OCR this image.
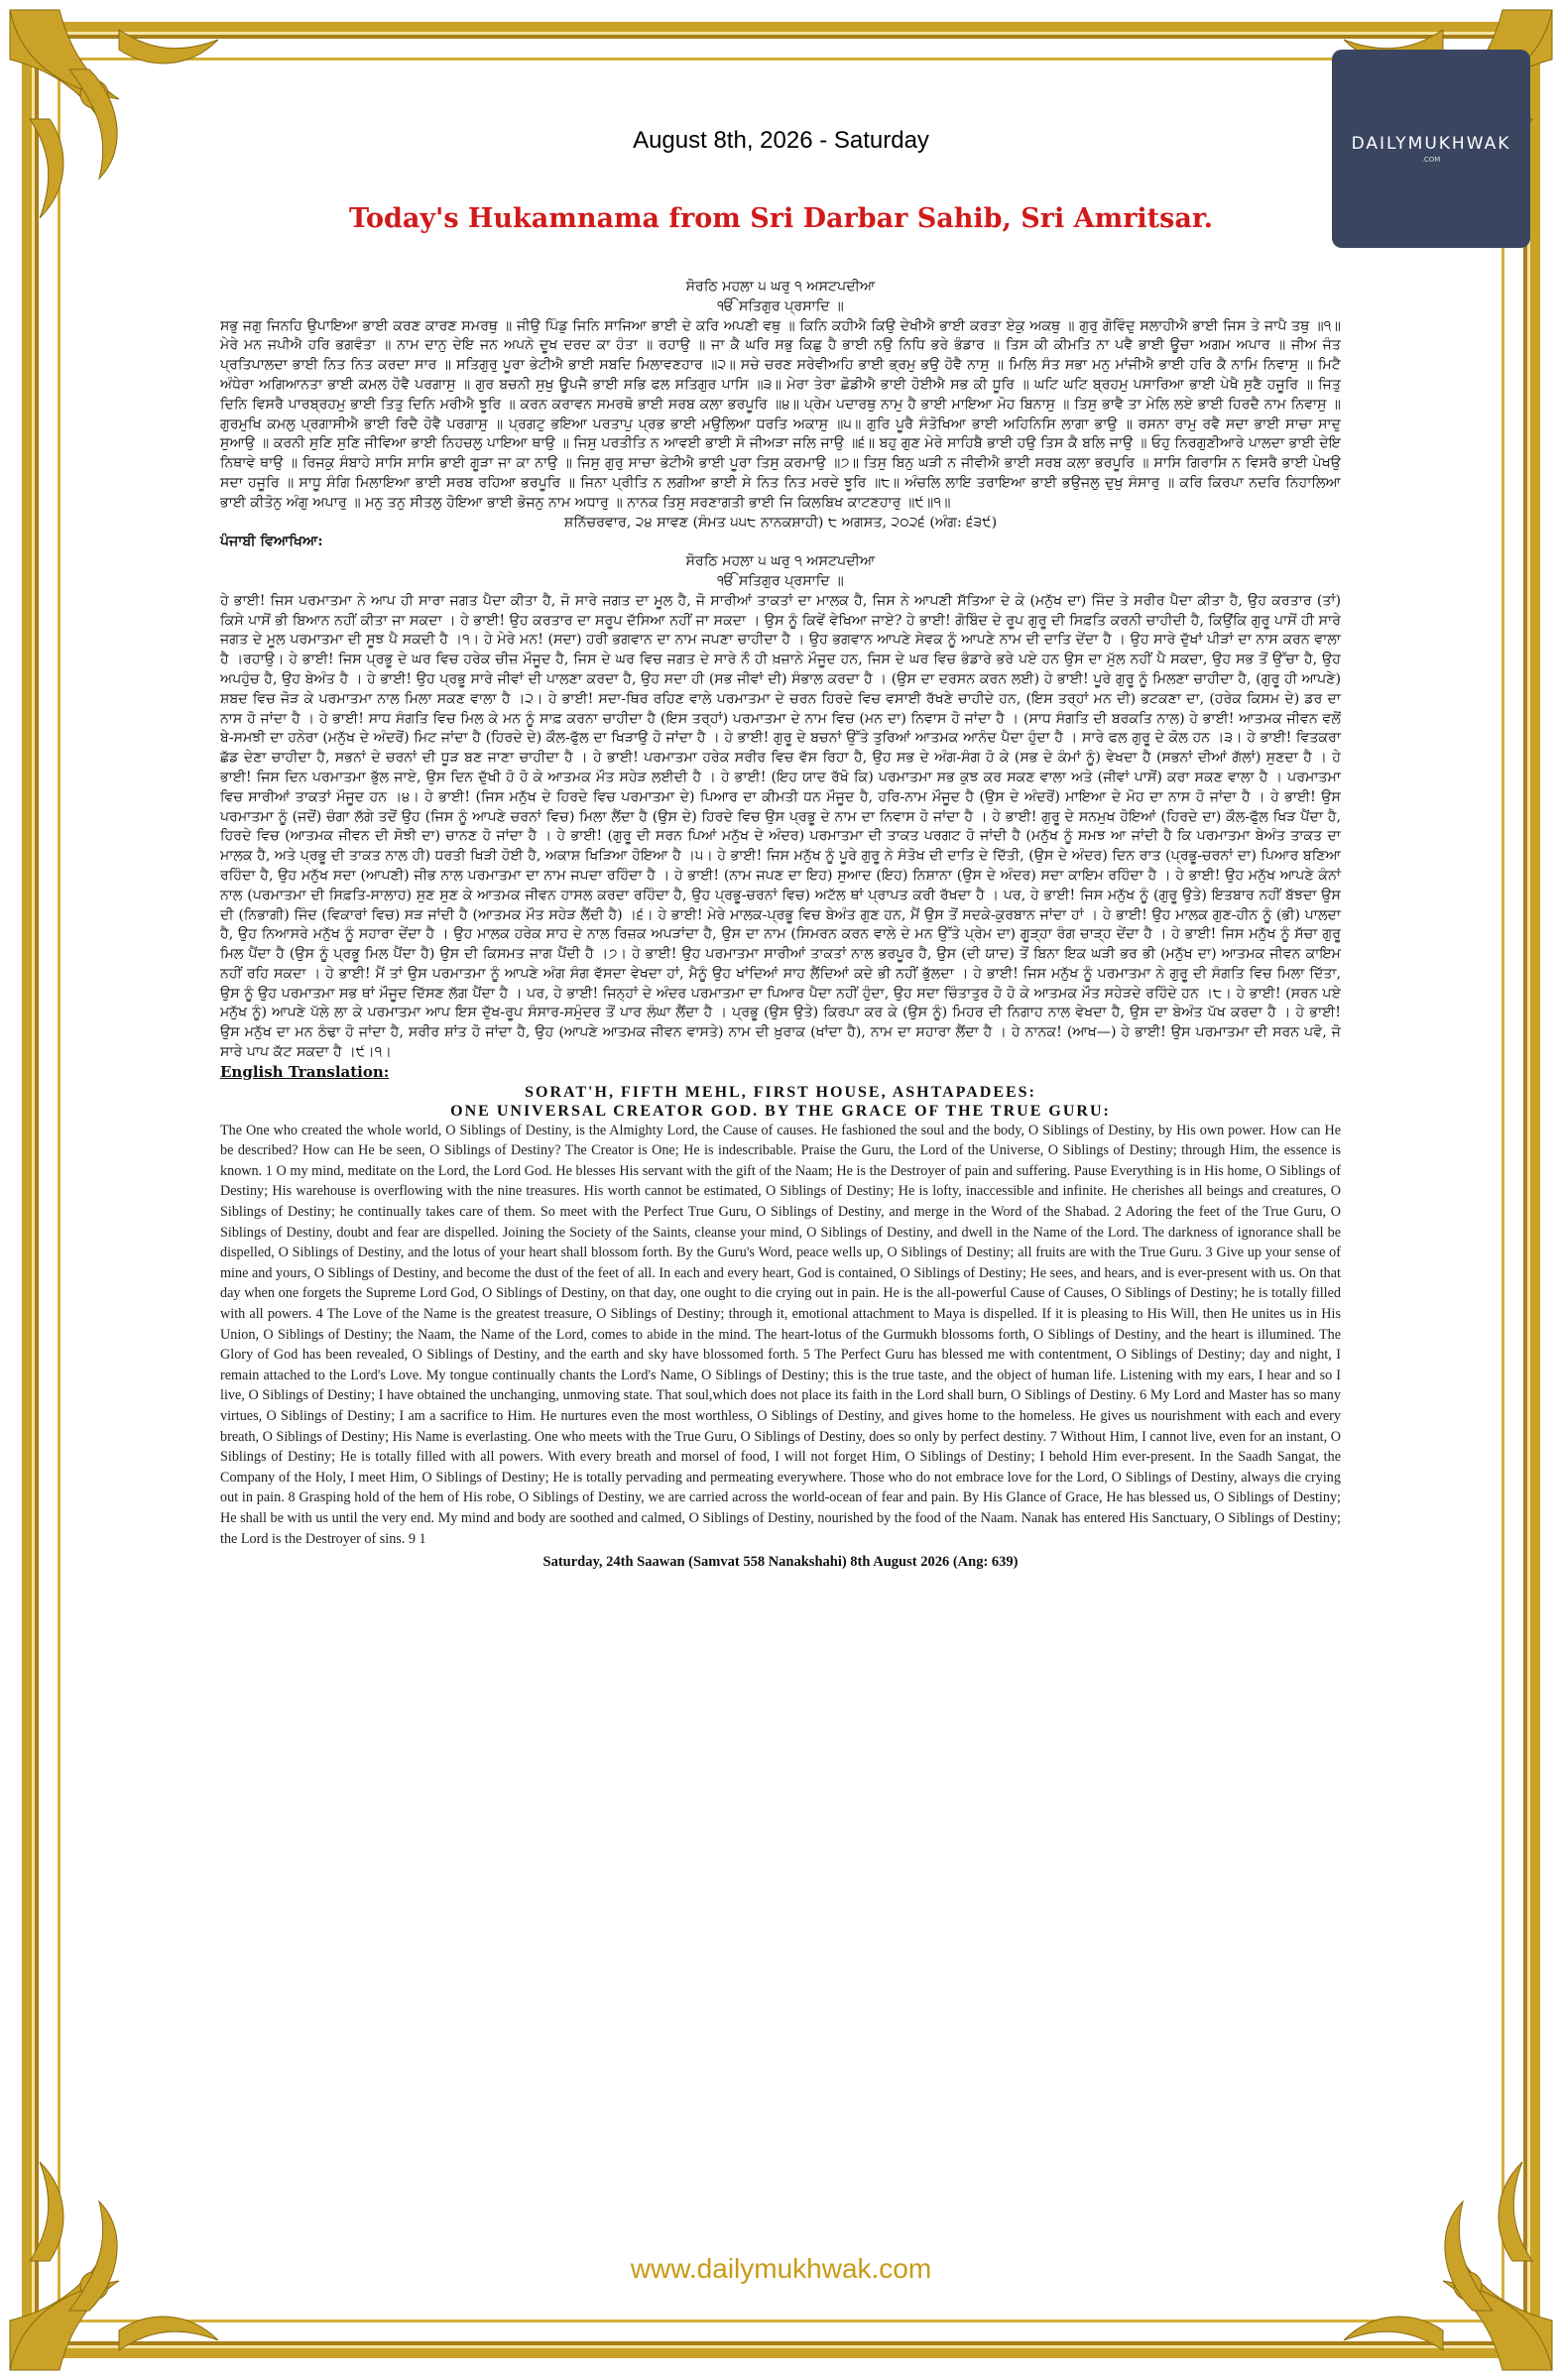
DAILYMUKHWAK
.COM
August 8th, 2026 - Saturday
Today's Hukamnama from Sri Darbar Sahib, Sri Amritsar.
ਸੋਰਠਿ ਮਹਲਾ ੫ ਘਰੁ ੧ ਅਸਟਪਦੀਆ
ੴ ਸਤਿਗੁਰ ਪ੍ਰਸਾਦਿ ॥

ਸਭੁ ਜਗੁ ਜਿਨਹਿ ਉਪਾਇਆ ਭਾਈ ਕਰਣ ਕਾਰਣ ਸਮਰਥੁ ॥ ਜੀਉ ਪਿੰਡੁ ਜਿਨਿ ਸਾਜਿਆ ਭਾਈ ਦੇ ਕਰਿ ਅਪਣੀ ਵਥੁ ॥ ਕਿਨਿ ਕਹੀਐ ਕਿਉ ਦੇਖੀਐ ਭਾਈ ਕਰਤਾ ਏਕੁ ਅਕਥੁ ॥ ਗੁਰੁ ਗੋਵਿੰਦੁ ਸਲਾਹੀਐ ਭਾਈ ਜਿਸ ਤੇ ਜਾਪੈ ਤਥੁ ॥੧॥ ਮੇਰੇ ਮਨ ਜਪੀਐ ਹਰਿ ਭਗਵੰਤਾ ॥ ਨਾਮ ਦਾਨੁ ਦੇਇ ਜਨ ਅਪਨੇ ਦੂਖ ਦਰਦ ਕਾ ਹੰਤਾ ॥ ਰਹਾਉ ॥ ਜਾ ਕੈ ਘਰਿ ਸਭੁ ਕਿਛੁ ਹੈ ਭਾਈ ਨਉ ਨਿਧਿ ਭਰੇ ਭੰਡਾਰ ॥ ਤਿਸ ਕੀ ਕੀਮਤਿ ਨਾ ਪਵੈ ਭਾਈ ਊਚਾ ਅਗਮ ਅਪਾਰ ॥ ਜੀਅ ਜੰਤ ਪ੍ਰਤਿਪਾਲਦਾ ਭਾਈ ਨਿਤ ਨਿਤ ਕਰਦਾ ਸਾਰ ॥ ਸਤਿਗੁਰੁ ਪੂਰਾ ਭੇਟੀਐ ਭਾਈ ਸਬਦਿ ਮਿਲਾਵਣਹਾਰ ॥੨॥ ਸਚੇ ਚਰਣ ਸਰੇਵੀਅਹਿ ਭਾਈ ਭ੍ਰਮੁ ਭਉ ਹੋਵੈ ਨਾਸੁ ॥ ਮਿਲਿ ਸੰਤ ਸਭਾ ਮਨੁ ਮਾਂਜੀਐ ਭਾਈ ਹਰਿ ਕੈ ਨਾਮਿ ਨਿਵਾਸੁ ॥ ਮਿਟੈ ਅੰਧੇਰਾ ਅਗਿਆਨਤਾ ਭਾਈ ਕਮਲ ਹੋਵੈ ਪਰਗਾਸੁ ॥ ਗੁਰ ਬਚਨੀ ਸੁਖੁ ਊਪਜੈ ਭਾਈ ਸਭਿ ਫਲ ਸਤਿਗੁਰ ਪਾਸਿ ॥੩॥ ਮੇਰਾ ਤੇਰਾ ਛੋਡੀਐ ਭਾਈ ਹੋਈਐ ਸਭ ਕੀ ਧੂਰਿ ॥ ਘਟਿ ਘਟਿ ਬ੍ਰਹਮੁ ਪਸਾਰਿਆ ਭਾਈ ਪੇਖੈ ਸੁਣੈ ਹਜੂਰਿ ॥ ਜਿਤੁ ਦਿਨਿ ਵਿਸਰੈ ਪਾਰਬ੍ਰਹਮੁ ਭਾਈ ਤਿਤੁ ਦਿਨਿ ਮਰੀਐ ਝੂਰਿ ॥ ਕਰਨ ਕਰਾਵਨ ਸਮਰਥੋ ਭਾਈ ਸਰਬ ਕਲਾ ਭਰਪੂਰਿ ॥੪॥ ਪ੍ਰੇਮ ਪਦਾਰਥੁ ਨਾਮੁ ਹੈ ਭਾਈ ਮਾਇਆ ਮੋਹ ਬਿਨਾਸੁ ॥ ਤਿਸੁ ਭਾਵੈ ਤਾ ਮੇਲਿ ਲਏ ਭਾਈ ਹਿਰਦੈ ਨਾਮ ਨਿਵਾਸੁ ॥ ਗੁਰਮੁਖਿ ਕਮਲੁ ਪ੍ਰਗਾਸੀਐ ਭਾਈ ਰਿਦੈ ਹੋਵੈ ਪਰਗਾਸੁ ॥ ਪ੍ਰਗਟੁ ਭਇਆ ਪਰਤਾਪੁ ਪ੍ਰਭ ਭਾਈ ਮਉਲਿਆ ਧਰਤਿ ਅਕਾਸੁ ॥੫॥ ਗੁਰਿ ਪੂਰੈ ਸੰਤੋਖਿਆ ਭਾਈ ਅਹਿਨਿਸਿ ਲਾਗਾ ਭਾਉ ॥ ਰਸਨਾ ਰਾਮੁ ਰਵੈ ਸਦਾ ਭਾਈ ਸਾਚਾ ਸਾਦੁ ਸੁਆਉ ॥ ਕਰਨੀ ਸੁਣਿ ਸੁਣਿ ਜੀਵਿਆ ਭਾਈ ਨਿਹਚਲੁ ਪਾਇਆ ਥਾਉ ॥ ਜਿਸੁ ਪਰਤੀਤਿ ਨ ਆਵਈ ਭਾਈ ਸੋ ਜੀਅੜਾ ਜਲਿ ਜਾਉ ॥੬॥ ਬਹੁ ਗੁਣ ਮੇਰੇ ਸਾਹਿਬੈ ਭਾਈ ਹਉ ਤਿਸ ਕੈ ਬਲਿ ਜਾਉ ॥ ਓਹੁ ਨਿਰਗੁਣੀਆਰੇ ਪਾਲਦਾ ਭਾਈ ਦੇਇ ਨਿਥਾਵੇ ਥਾਉ ॥ ਰਿਜਕੁ ਸੰਬਾਹੇ ਸਾਸਿ ਸਾਸਿ ਭਾਈ ਗੂੜਾ ਜਾ ਕਾ ਨਾਉ ॥ ਜਿਸੁ ਗੁਰੁ ਸਾਚਾ ਭੇਟੀਐ ਭਾਈ ਪੂਰਾ ਤਿਸੁ ਕਰਮਾਉ ॥੭॥ ਤਿਸੁ ਬਿਨੁ ਘੜੀ ਨ ਜੀਵੀਐ ਭਾਈ ਸਰਬ ਕਲਾ ਭਰਪੂਰਿ ॥ ਸਾਸਿ ਗਿਰਾਸਿ ਨ ਵਿਸਰੈ ਭਾਈ ਪੇਖਉ ਸਦਾ ਹਜੂਰਿ ॥ ਸਾਧੂ ਸੰਗਿ ਮਿਲਾਇਆ ਭਾਈ ਸਰਬ ਰਹਿਆ ਭਰਪੂਰਿ ॥ ਜਿਨਾ ਪ੍ਰੀਤਿ ਨ ਲਗੀਆ ਭਾਈ ਸੇ ਨਿਤ ਨਿਤ ਮਰਦੇ ਝੂਰਿ ॥੮॥ ਅੰਚਲਿ ਲਾਇ ਤਰਾਇਆ ਭਾਈ ਭਉਜਲੁ ਦੁਖੁ ਸੰਸਾਰੁ ॥ ਕਰਿ ਕਿਰਪਾ ਨਦਰਿ ਨਿਹਾਲਿਆ ਭਾਈ ਕੀਤੋਨੁ ਅੰਗੁ ਅਪਾਰੁ ॥ ਮਨੁ ਤਨੁ ਸੀਤਲੁ ਹੋਇਆ ਭਾਈ ਭੋਜਨੁ ਨਾਮ ਅਧਾਰੁ ॥ ਨਾਨਕ ਤਿਸੁ ਸਰਣਾਗਤੀ ਭਾਈ ਜਿ ਕਿਲਬਿਖ ਕਾਟਣਹਾਰੁ ॥੯॥੧॥

ਸ਼ਨਿੱਚਰਵਾਰ, ੨੪ ਸਾਵਣ (ਸੰਮਤ ੫੫੮ ਨਾਨਕਸ਼ਾਹੀ) ੮ ਅਗਸਤ, ੨੦੨੬ (ਅੰਗ: ੬੩੯)
ਪੰਜਾਬੀ ਵਿਆਖਿਆ:
ਸੋਰਠਿ ਮਹਲਾ ੫ ਘਰੁ ੧ ਅਸਟਪਦੀਆ
ੴ ਸਤਿਗੁਰ ਪ੍ਰਸਾਦਿ ॥

ਹੇ ਭਾਈ! ਜਿਸ ਪਰਮਾਤਮਾ ਨੇ ਆਪ ਹੀ ਸਾਰਾ ਜਗਤ ਪੈਦਾ ਕੀਤਾ ਹੈ, ਜੋ ਸਾਰੇ ਜਗਤ ਦਾ ਮੂਲ ਹੈ, ਜੋ ਸਾਰੀਆਂ ਤਾਕਤਾਂ ਦਾ ਮਾਲਕ ਹੈ, ਜਿਸ ਨੇ ਆਪਣੀ ਸੱਤਿਆ ਦੇ ਕੇ (ਮਨੁੱਖ ਦਾ) ਜਿੰਦ ਤੇ ਸਰੀਰ ਪੈਦਾ ਕੀਤਾ ਹੈ, ਉਹ ਕਰਤਾਰ (ਤਾਂ) ਕਿਸੇ ਪਾਸੋਂ ਭੀ ਬਿਆਨ ਨਹੀਂ ਕੀਤਾ ਜਾ ਸਕਦਾ । ਹੇ ਭਾਈ! ਉਹ ਕਰਤਾਰ ਦਾ ਸਰੂਪ ਦੱਸਿਆ ਨਹੀਂ ਜਾ ਸਕਦਾ । ਉਸ ਨੂੰ ਕਿਵੇਂ ਵੇਖਿਆ ਜਾਏ? ਹੇ ਭਾਈ! ਗੋਬਿੰਦ ਦੇ ਰੂਪ ਗੁਰੂ ਦੀ ਸਿਫ਼ਤਿ ਕਰਨੀ ਚਾਹੀਦੀ ਹੈ, ਕਿਉਂਕਿ ਗੁਰੂ ਪਾਸੋਂ ਹੀ ਸਾਰੇ ਜਗਤ ਦੇ ਮੂਲ ਪਰਮਾਤਮਾ ਦੀ ਸੂਝ ਪੈ ਸਕਦੀ ਹੈ ।੧। ਹੇ ਮੇਰੇ ਮਨ! (ਸਦਾ) ਹਰੀ ਭਗਵਾਨ ਦਾ ਨਾਮ ਜਪਣਾ ਚਾਹੀਦਾ ਹੈ । ਉਹ ਭਗਵਾਨ ਆਪਣੇ ਸੇਵਕ ਨੂੰ ਆਪਣੇ ਨਾਮ ਦੀ ਦਾਤਿ ਦੇਂਦਾ ਹੈ । ਉਹ ਸਾਰੇ ਦੁੱਖਾਂ ਪੀੜਾਂ ਦਾ ਨਾਸ ਕਰਨ ਵਾਲਾ ਹੈ ।ਰਹਾਉ। ਹੇ ਭਾਈ! ਜਿਸ ਪ੍ਰਭੂ ਦੇ ਘਰ ਵਿਚ ਹਰੇਕ ਚੀਜ਼ ਮੌਜੂਦ ਹੈ, ਜਿਸ ਦੇ ਘਰ ਵਿਚ ਜਗਤ ਦੇ ਸਾਰੇ ਨੌ ਹੀ ਖ਼ਜ਼ਾਨੇ ਮੌਜੂਦ ਹਨ, ਜਿਸ ਦੇ ਘਰ ਵਿਚ ਭੰਡਾਰੇ ਭਰੇ ਪਏ ਹਨ ਉਸ ਦਾ ਮੁੱਲ ਨਹੀਂ ਪੈ ਸਕਦਾ, ਉਹ ਸਭ ਤੋਂ ਉੱਚਾ ਹੈ, ਉਹ ਅਪਹੁੰਚ ਹੈ, ਉਹ ਬੇਅੰਤ ਹੈ । ਹੇ ਭਾਈ! ਉਹ ਪ੍ਰਭੂ ਸਾਰੇ ਜੀਵਾਂ ਦੀ ਪਾਲਣਾ ਕਰਦਾ ਹੈ, ਉਹ ਸਦਾ ਹੀ (ਸਭ ਜੀਵਾਂ ਦੀ) ਸੰਭਾਲ ਕਰਦਾ ਹੈ । (ਉਸ ਦਾ ਦਰਸਨ ਕਰਨ ਲਈ) ਹੇ ਭਾਈ! ਪੂਰੇ ਗੁਰੂ ਨੂੰ ਮਿਲਣਾ ਚਾਹੀਦਾ ਹੈ, (ਗੁਰੂ ਹੀ ਆਪਣੇ) ਸ਼ਬਦ ਵਿਚ ਜੋੜ ਕੇ ਪਰਮਾਤਮਾ ਨਾਲ ਮਿਲਾ ਸਕਣ ਵਾਲਾ ਹੈ ।੨। ਹੇ ਭਾਈ! ਸਦਾ-ਥਿਰ ਰਹਿਣ ਵਾਲੇ ਪਰਮਾਤਮਾ ਦੇ ਚਰਨ ਹਿਰਦੇ ਵਿਚ ਵਸਾਈ ਰੱਖਣੇ ਚਾਹੀਦੇ ਹਨ, (ਇਸ ਤਰ੍ਹਾਂ ਮਨ ਦੀ) ਭਟਕਣਾ ਦਾ, (ਹਰੇਕ ਕਿਸਮ ਦੇ) ਡਰ ਦਾ ਨਾਸ ਹੋ ਜਾਂਦਾ ਹੈ । ਹੇ ਭਾਈ! ਸਾਧ ਸੰਗਤਿ ਵਿਚ ਮਿਲ ਕੇ ਮਨ ਨੂੰ ਸਾਫ਼ ਕਰਨਾ ਚਾਹੀਦਾ ਹੈ (ਇਸ ਤਰ੍ਹਾਂ) ਪਰਮਾਤਮਾ ਦੇ ਨਾਮ ਵਿਚ (ਮਨ ਦਾ) ਨਿਵਾਸ ਹੋ ਜਾਂਦਾ ਹੈ । (ਸਾਧ ਸੰਗਤਿ ਦੀ ਬਰਕਤਿ ਨਾਲ) ਹੇ ਭਾਈ! ਆਤਮਕ ਜੀਵਨ ਵਲੋਂ ਬੇ-ਸਮਝੀ ਦਾ ਹਨੇਰਾ (ਮਨੁੱਖ ਦੇ ਅੰਦਰੋਂ) ਮਿਟ ਜਾਂਦਾ ਹੈ (ਹਿਰਦੇ ਦੇ) ਕੌਲ-ਫੁੱਲ ਦਾ ਖਿੜਾਉ ਹੋ ਜਾਂਦਾ ਹੈ । ਹੇ ਭਾਈ! ਗੁਰੂ ਦੇ ਬਚਨਾਂ ਉੱਤੇ ਤੁਰਿਆਂ ਆਤਮਕ ਆਨੰਦ ਪੈਦਾ ਹੁੰਦਾ ਹੈ । ਸਾਰੇ ਫਲ ਗੁਰੂ ਦੇ ਕੋਲ ਹਨ ।੩। ਹੇ ਭਾਈ! ਵਿਤਕਰਾ ਛੱਡ ਦੇਣਾ ਚਾਹੀਦਾ ਹੈ, ਸਭਨਾਂ ਦੇ ਚਰਨਾਂ ਦੀ ਧੂੜ ਬਣ ਜਾਣਾ ਚਾਹੀਦਾ ਹੈ । ਹੇ ਭਾਈ! ਪਰਮਾਤਮਾ ਹਰੇਕ ਸਰੀਰ ਵਿਚ ਵੱਸ ਰਿਹਾ ਹੈ, ਉਹ ਸਭ ਦੇ ਅੰਗ-ਸੰਗ ਹੋ ਕੇ (ਸਭ ਦੇ ਕੰਮਾਂ ਨੂੰ) ਵੇਖਦਾ ਹੈ (ਸਭਨਾਂ ਦੀਆਂ ਗੱਲਾਂ) ਸੁਣਦਾ ਹੈ । ਹੇ ਭਾਈ! ਜਿਸ ਦਿਨ ਪਰਮਾਤਮਾ ਭੁੱਲ ਜਾਏ, ਉਸ ਦਿਨ ਦੁੱਖੀ ਹੋ ਹੋ ਕੇ ਆਤਮਕ ਮੌਤ ਸਹੇੜ ਲਈਦੀ ਹੈ । ਹੇ ਭਾਈ! (ਇਹ ਯਾਦ ਰੱਖੋ ਕਿ) ਪਰਮਾਤਮਾ ਸਭ ਕੁਝ ਕਰ ਸਕਣ ਵਾਲਾ ਅਤੇ (ਜੀਵਾਂ ਪਾਸੋਂ) ਕਰਾ ਸਕਣ ਵਾਲਾ ਹੈ । ਪਰਮਾਤਮਾ ਵਿਚ ਸਾਰੀਆਂ ਤਾਕਤਾਂ ਮੌਜੂਦ ਹਨ ।੪। ਹੇ ਭਾਈ! (ਜਿਸ ਮਨੁੱਖ ਦੇ ਹਿਰਦੇ ਵਿਚ ਪਰਮਾਤਮਾ ਦੇ) ਪਿਆਰ ਦਾ ਕੀਮਤੀ ਧਨ ਮੌਜੂਦ ਹੈ, ਹਰਿ-ਨਾਮ ਮੌਜੂਦ ਹੈ (ਉਸ ਦੇ ਅੰਦਰੋਂ) ਮਾਇਆ ਦੇ ਮੋਹ ਦਾ ਨਾਸ ਹੋ ਜਾਂਦਾ ਹੈ । ਹੇ ਭਾਈ! ਉਸ ਪਰਮਾਤਮਾ ਨੂੰ (ਜਦੋਂ) ਚੰਗਾ ਲੱਗੇ ਤਦੋਂ ਉਹ (ਜਿਸ ਨੂੰ ਆਪਣੇ ਚਰਨਾਂ ਵਿਚ) ਮਿਲਾ ਲੈਂਦਾ ਹੈ (ਉਸ ਦੇ) ਹਿਰਦੇ ਵਿਚ ਉਸ ਪ੍ਰਭੂ ਦੇ ਨਾਮ ਦਾ ਨਿਵਾਸ ਹੋ ਜਾਂਦਾ ਹੈ । ਹੇ ਭਾਈ! ਗੁਰੂ ਦੇ ਸਨਮੁਖ ਹੋਇਆਂ (ਹਿਰਦੇ ਦਾ) ਕੌਲ-ਫੁੱਲ ਖਿੜ ਪੈਂਦਾ ਹੈ, ਹਿਰਦੇ ਵਿਚ (ਆਤਮਕ ਜੀਵਨ ਦੀ ਸੋਝੀ ਦਾ) ਚਾਨਣ ਹੋ ਜਾਂਦਾ ਹੈ । ਹੇ ਭਾਈ! (ਗੁਰੂ ਦੀ ਸਰਨ ਪਿਆਂ ਮਨੁੱਖ ਦੇ ਅੰਦਰ) ਪਰਮਾਤਮਾ ਦੀ ਤਾਕਤ ਪਰਗਟ ਹੋ ਜਾਂਦੀ ਹੈ (ਮਨੁੱਖ ਨੂੰ ਸਮਝ ਆ ਜਾਂਦੀ ਹੈ ਕਿ ਪਰਮਾਤਮਾ ਬੇਅੰਤ ਤਾਕਤ ਦਾ ਮਾਲਕ ਹੈ, ਅਤੇ ਪ੍ਰਭੂ ਦੀ ਤਾਕਤ ਨਾਲ ਹੀ) ਧਰਤੀ ਖਿੜੀ ਹੋਈ ਹੈ, ਅਕਾਸ਼ ਖਿੜਿਆ ਹੋਇਆ ਹੈ ।੫। ਹੇ ਭਾਈ! ਜਿਸ ਮਨੁੱਖ ਨੂੰ ਪੂਰੇ ਗੁਰੂ ਨੇ ਸੰਤੋਖ ਦੀ ਦਾਤਿ ਦੇ ਦਿੱਤੀ, (ਉਸ ਦੇ ਅੰਦਰ) ਦਿਨ ਰਾਤ (ਪ੍ਰਭੂ-ਚਰਨਾਂ ਦਾ) ਪਿਆਰ ਬਣਿਆ ਰਹਿੰਦਾ ਹੈ, ਉਹ ਮਨੁੱਖ ਸਦਾ (ਆਪਣੀ) ਜੀਭ ਨਾਲ ਪਰਮਾਤਮਾ ਦਾ ਨਾਮ ਜਪਦਾ ਰਹਿੰਦਾ ਹੈ । ਹੇ ਭਾਈ! (ਨਾਮ ਜਪਣ ਦਾ ਇਹ) ਸੁਆਦ (ਇਹ) ਨਿਸ਼ਾਨਾ (ਉਸ ਦੇ ਅੰਦਰ) ਸਦਾ ਕਾਇਮ ਰਹਿੰਦਾ ਹੈ । ਹੇ ਭਾਈ! ਉਹ ਮਨੁੱਖ ਆਪਣੇ ਕੰਨਾਂ ਨਾਲ (ਪਰਮਾਤਮਾ ਦੀ ਸਿਫ਼ਤਿ-ਸਾਲਾਹ) ਸੁਣ ਸੁਣ ਕੇ ਆਤਮਕ ਜੀਵਨ ਹਾਸਲ ਕਰਦਾ ਰਹਿੰਦਾ ਹੈ, ਉਹ ਪ੍ਰਭੂ-ਚਰਨਾਂ ਵਿਚ) ਅਟੱਲ ਥਾਂ ਪ੍ਰਾਪਤ ਕਰੀ ਰੱਖਦਾ ਹੈ । ਪਰ, ਹੇ ਭਾਈ! ਜਿਸ ਮਨੁੱਖ ਨੂੰ (ਗੁਰੂ ਉਤੇ) ਇਤਬਾਰ ਨਹੀਂ ਬੱਝਦਾ ਉਸ ਦੀ (ਨਿਭਾਗੀ) ਜਿੰਦ (ਵਿਕਾਰਾਂ ਵਿਚ) ਸੜ ਜਾਂਦੀ ਹੈ (ਆਤਮਕ ਮੌਤ ਸਹੇੜ ਲੈਂਦੀ ਹੈ) ।੬। ਹੇ ਭਾਈ! ਮੇਰੇ ਮਾਲਕ-ਪ੍ਰਭੂ ਵਿਚ ਬੇਅੰਤ ਗੁਣ ਹਨ, ਮੈਂ ਉਸ ਤੋਂ ਸਦਕੇ-ਕੁਰਬਾਨ ਜਾਂਦਾ ਹਾਂ । ਹੇ ਭਾਈ! ਉਹ ਮਾਲਕ ਗੁਣ-ਹੀਨ ਨੂੰ (ਭੀ) ਪਾਲਦਾ ਹੈ, ਉਹ ਨਿਆਸਰੇ ਮਨੁੱਖ ਨੂੰ ਸਹਾਰਾ ਦੇਂਦਾ ਹੈ । ਉਹ ਮਾਲਕ ਹਰੇਕ ਸਾਹ ਦੇ ਨਾਲ ਰਿਜ਼ਕ ਅਪੜਾਂਦਾ ਹੈ, ਉਸ ਦਾ ਨਾਮ (ਸਿਮਰਨ ਕਰਨ ਵਾਲੇ ਦੇ ਮਨ ਉੱਤੇ ਪ੍ਰੇਮ ਦਾ) ਗੂੜ੍ਹਾ ਰੰਗ ਚਾੜ੍ਹ ਦੇਂਦਾ ਹੈ । ਹੇ ਭਾਈ! ਜਿਸ ਮਨੁੱਖ ਨੂੰ ਸੱਚਾ ਗੁਰੂ ਮਿਲ ਪੈਂਦਾ ਹੈ (ਉਸ ਨੂੰ ਪ੍ਰਭੂ ਮਿਲ ਪੈਂਦਾ ਹੈ) ਉਸ ਦੀ ਕਿਸਮਤ ਜਾਗ ਪੈਂਦੀ ਹੈ ।੭। ਹੇ ਭਾਈ! ਉਹ ਪਰਮਾਤਮਾ ਸਾਰੀਆਂ ਤਾਕਤਾਂ ਨਾਲ ਭਰਪੂਰ ਹੈ, ਉਸ (ਦੀ ਯਾਦ) ਤੋਂ ਬਿਨਾ ਇਕ ਘੜੀ ਭਰ ਭੀ (ਮਨੁੱਖ ਦਾ) ਆਤਮਕ ਜੀਵਨ ਕਾਇਮ ਨਹੀਂ ਰਹਿ ਸਕਦਾ । ਹੇ ਭਾਈ! ਮੈਂ ਤਾਂ ਉਸ ਪਰਮਾਤਮਾ ਨੂੰ ਆਪਣੇ ਅੰਗ ਸੰਗ ਵੱਸਦਾ ਵੇਖਦਾ ਹਾਂ, ਮੈਨੂੰ ਉਹ ਖਾਂਦਿਆਂ ਸਾਹ ਲੈਂਦਿਆਂ ਕਦੇ ਭੀ ਨਹੀਂ ਭੁੱਲਦਾ । ਹੇ ਭਾਈ! ਜਿਸ ਮਨੁੱਖ ਨੂੰ ਪਰਮਾਤਮਾ ਨੇ ਗੁਰੂ ਦੀ ਸੰਗਤਿ ਵਿਚ ਮਿਲਾ ਦਿੱਤਾ, ਉਸ ਨੂੰ ਉਹ ਪਰਮਾਤਮਾ ਸਭ ਥਾਂ ਮੌਜੂਦ ਦਿੱਸਣ ਲੱਗ ਪੈਂਦਾ ਹੈ । ਪਰ, ਹੇ ਭਾਈ! ਜਿਨ੍ਹਾਂ ਦੇ ਅੰਦਰ ਪਰਮਾਤਮਾ ਦਾ ਪਿਆਰ ਪੈਦਾ ਨਹੀਂ ਹੁੰਦਾ, ਉਹ ਸਦਾ ਚਿੰਤਾਤੁਰ ਹੋ ਹੋ ਕੇ ਆਤਮਕ ਮੌਤ ਸਹੇੜਦੇ ਰਹਿੰਦੇ ਹਨ ।੮। ਹੇ ਭਾਈ! (ਸਰਨ ਪਏ ਮਨੁੱਖ ਨੂੰ) ਆਪਣੇ ਪੱਲੇ ਲਾ ਕੇ ਪਰਮਾਤਮਾ ਆਪ ਇਸ ਦੁੱਖ-ਰੂਪ ਸੰਸਾਰ-ਸਮੁੰਦਰ ਤੋਂ ਪਾਰ ਲੰਘਾ ਲੈਂਦਾ ਹੈ । ਪ੍ਰਭੂ (ਉਸ ਉਤੇ) ਕਿਰਪਾ ਕਰ ਕੇ (ਉਸ ਨੂੰ) ਮਿਹਰ ਦੀ ਨਿਗਾਹ ਨਾਲ ਵੇਖਦਾ ਹੈ, ਉਸ ਦਾ ਬੇਅੰਤ ਪੱਖ ਕਰਦਾ ਹੈ । ਹੇ ਭਾਈ! ਉਸ ਮਨੁੱਖ ਦਾ ਮਨ ਠੰਢਾ ਹੋ ਜਾਂਦਾ ਹੈ, ਸਰੀਰ ਸ਼ਾਂਤ ਹੋ ਜਾਂਦਾ ਹੈ, ਉਹ (ਆਪਣੇ ਆਤਮਕ ਜੀਵਨ ਵਾਸਤੇ) ਨਾਮ ਦੀ ਖ਼ੁਰਾਕ (ਖਾਂਦਾ ਹੈ), ਨਾਮ ਦਾ ਸਹਾਰਾ ਲੈਂਦਾ ਹੈ । ਹੇ ਨਾਨਕ! (ਆਖ—) ਹੇ ਭਾਈ! ਉਸ ਪਰਮਾਤਮਾ ਦੀ ਸਰਨ ਪਵੋ, ਜੋ ਸਾਰੇ ਪਾਪ ਕੱਟ ਸਕਦਾ ਹੈ ।੯।੧।

English Translation:
SORAT'H, FIFTH MEHL, FIRST HOUSE, ASHTAPADEES:
ONE UNIVERSAL CREATOR GOD. BY THE GRACE OF THE TRUE GURU:

The One who created the whole world, O Siblings of Destiny, is the Almighty Lord, the Cause of causes. He fashioned the soul and the body, O Siblings of Destiny, by His own power. How can He be described? How can He be seen, O Siblings of Destiny? The Creator is One; He is indescribable. Praise the Guru, the Lord of the Universe, O Siblings of Destiny; through Him, the essence is known. 1 O my mind, meditate on the Lord, the Lord God. He blesses His servant with the gift of the Naam; He is the Destroyer of pain and suffering. Pause Everything is in His home, O Siblings of Destiny; His warehouse is overflowing with the nine treasures. His worth cannot be estimated, O Siblings of Destiny; He is lofty, inaccessible and infinite. He cherishes all beings and creatures, O Siblings of Destiny; he continually takes care of them. So meet with the Perfect True Guru, O Siblings of Destiny, and merge in the Word of the Shabad. 2 Adoring the feet of the True Guru, O Siblings of Destiny, doubt and fear are dispelled. Joining the Society of the Saints, cleanse your mind, O Siblings of Destiny, and dwell in the Name of the Lord. The darkness of ignorance shall be dispelled, O Siblings of Destiny, and the lotus of your heart shall blossom forth. By the Guru's Word, peace wells up, O Siblings of Destiny; all fruits are with the True Guru. 3 Give up your sense of mine and yours, O Siblings of Destiny, and become the dust of the feet of all. In each and every heart, God is contained, O Siblings of Destiny; He sees, and hears, and is ever-present with us. On that day when one forgets the Supreme Lord God, O Siblings of Destiny, on that day, one ought to die crying out in pain. He is the all-powerful Cause of Causes, O Siblings of Destiny; he is totally filled with all powers. 4 The Love of the Name is the greatest treasure, O Siblings of Destiny; through it, emotional attachment to Maya is dispelled. If it is pleasing to His Will, then He unites us in His Union, O Siblings of Destiny; the Naam, the Name of the Lord, comes to abide in the mind. The heart-lotus of the Gurmukh blossoms forth, O Siblings of Destiny, and the heart is illumined. The Glory of God has been revealed, O Siblings of Destiny, and the earth and sky have blossomed forth. 5 The Perfect Guru has blessed me with contentment, O Siblings of Destiny; day and night, I remain attached to the Lord's Love. My tongue continually chants the Lord's Name, O Siblings of Destiny; this is the true taste, and the object of human life. Listening with my ears, I hear and so I live, O Siblings of Destiny; I have obtained the unchanging, unmoving state. That soul,which does not place its faith in the Lord shall burn, O Siblings of Destiny. 6 My Lord and Master has so many virtues, O Siblings of Destiny; I am a sacrifice to Him. He nurtures even the most worthless, O Siblings of Destiny, and gives home to the homeless. He gives us nourishment with each and every breath, O Siblings of Destiny; His Name is everlasting. One who meets with the True Guru, O Siblings of Destiny, does so only by perfect destiny. 7 Without Him, I cannot live, even for an instant, O Siblings of Destiny; He is totally filled with all powers. With every breath and morsel of food, I will not forget Him, O Siblings of Destiny; I behold Him ever-present. In the Saadh Sangat, the Company of the Holy, I meet Him, O Siblings of Destiny; He is totally pervading and permeating everywhere. Those who do not embrace love for the Lord, O Siblings of Destiny, always die crying out in pain. 8 Grasping hold of the hem of His robe, O Siblings of Destiny, we are carried across the world-ocean of fear and pain. By His Glance of Grace, He has blessed us, O Siblings of Destiny; He shall be with us until the very end. My mind and body are soothed and calmed, O Siblings of Destiny, nourished by the food of the Naam. Nanak has entered His Sanctuary, O Siblings of Destiny; the Lord is the Destroyer of sins. 9 1

Saturday, 24th Saawan (Samvat 558 Nanakshahi) 8th August 2026 (Ang: 639)
www.dailymukhwak.com
